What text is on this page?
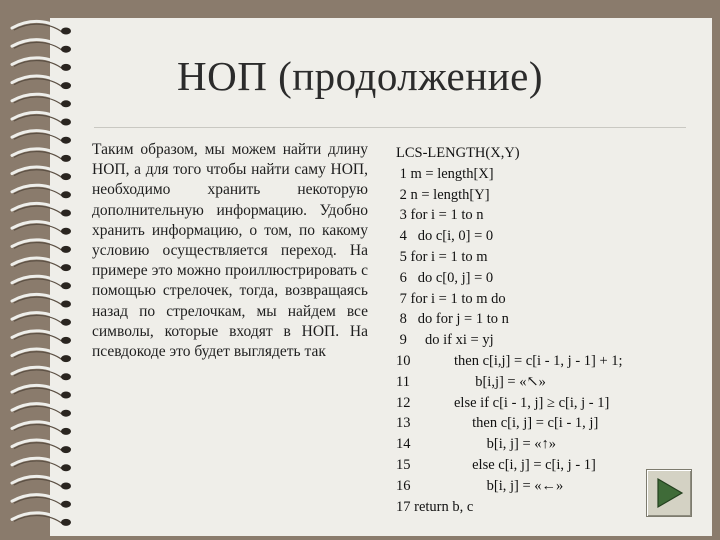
НОП (продолжение)
Таким образом, мы можем найти длину НОП, а для того чтобы найти саму НОП, необходимо хранить некоторую дополнительную информацию. Удобно хранить информацию, о том, по какому условию осуществляется переход. На примере это можно проиллюстрировать с помощью стрелочек, тогда, возвращаясь назад по стрелочкам, мы найдем все символы, которые входят в НОП. На псевдокоде это будет выглядеть так
LCS-LENGTH(X,Y)
1 m = length[X]
2 n = length[Y]
3 for i = 1 to n
4   do c[i, 0] = 0
5 for i = 1 to m
6   do c[0, j] = 0
7 for i = 1 to m do
8   do for j = 1 to n
9     do if xi = yj
10            then c[i,j] = c[i - 1, j - 1] + 1;
11                  b[i,j] = «↖»
12            else if c[i - 1, j] ≥ c[i, j - 1]
13                 then c[i, j] = c[i - 1, j]
14                     b[i, j] = «↑»
15                 else c[i, j] = c[i, j - 1]
16                     b[i, j] = «←»
17 return b, c
